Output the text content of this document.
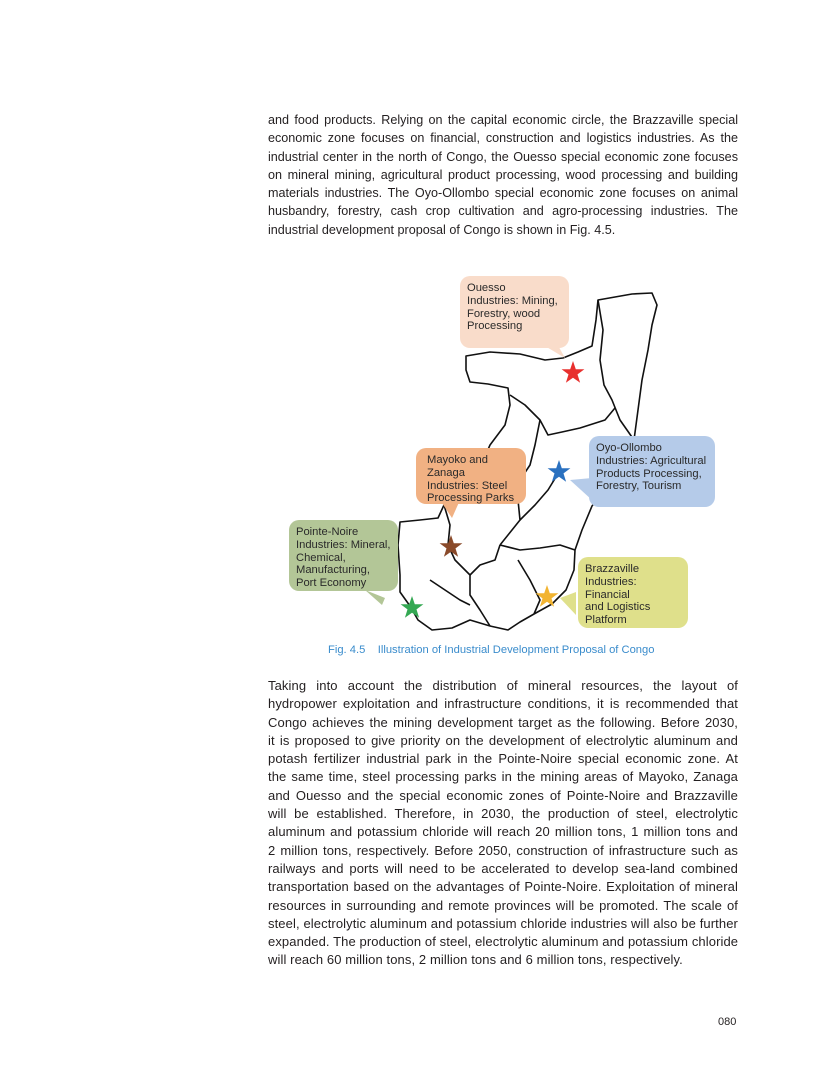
and food products. Relying on the capital economic circle, the Brazzaville special
economic zone focuses on financial, construction and logistics industries. As the
industrial center in the north of Congo, the Ouesso special economic zone focuses
on mineral mining, agricultural product processing, wood processing and building
materials industries. The Oyo-Ollombo special economic zone focuses on animal
husbandry, forestry, cash crop cultivation and agro-processing industries. The
industrial development proposal of Congo is shown in Fig. 4.5.
Ouesso
Industries: Mining,
Forestry, wood
Processing
Mayoko and
Zanaga
Industries: Steel
Processing Parks
Oyo-Ollombo
Industries: Agricultural
Products Processing,
Forestry, Tourism
Pointe-Noire
Industries: Mineral,
Chemical,
Manufacturing,
Port Economy
Brazzaville
Industries: Financial
and Logistics
Platform
Fig. 4.5    Illustration of Industrial Development Proposal of Congo
Taking into account the distribution of mineral resources, the layout of
hydropower exploitation and infrastructure conditions, it is recommended that
Congo achieves the mining development target as the following. Before 2030,
it is proposed to give priority on the development of electrolytic aluminum and
potash fertilizer industrial park in the Pointe-Noire special economic zone. At
the same time, steel processing parks in the mining areas of Mayoko, Zanaga
and Ouesso and the special economic zones of Pointe-Noire and Brazzaville
will be established. Therefore, in 2030, the production of steel, electrolytic
aluminum and potassium chloride will reach 20 million tons, 1 million tons and
2 million tons, respectively. Before 2050, construction of infrastructure such as
railways and ports will need to be accelerated to develop sea-land combined
transportation based on the advantages of Pointe-Noire. Exploitation of mineral
resources in surrounding and remote provinces will be promoted. The scale of
steel, electrolytic aluminum and potassium chloride industries will also be further
expanded. The production of steel, electrolytic aluminum and potassium chloride
will reach 60 million tons, 2 million tons and 6 million tons, respectively.
080
